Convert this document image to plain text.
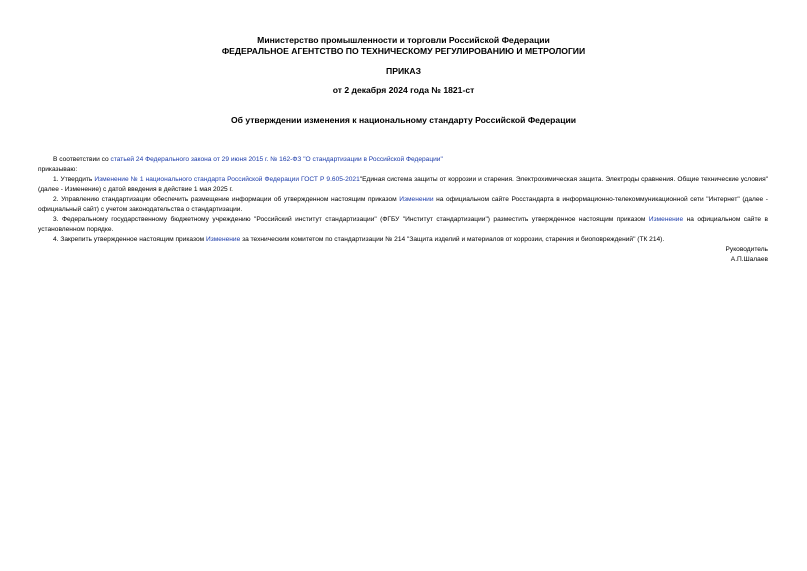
Министерство промышленности и торговли Российской Федерации
ФЕДЕРАЛЬНОЕ АГЕНТСТВО ПО ТЕХНИЧЕСКОМУ РЕГУЛИРОВАНИЮ И МЕТРОЛОГИИ
ПРИКАЗ
от 2 декабря 2024 года № 1821-ст
Об утверждении изменения к национальному стандарту Российской Федерации

В соответствии со статьей 24 Федерального закона от 29 июня 2015 г. № 162-ФЗ "О стандартизации в Российской Федерации"

приказываю:

1. Утвердить Изменение № 1 национального стандарта Российской Федерации ГОСТ Р 9.605-2021"Единая система защиты от коррозии и старения. Электрохимическая защита. Электроды сравнения. Общие технические условия" (далее - Изменение) с датой введения в действие 1 мая 2025 г.

2. Управлению стандартизации обеспечить размещение информации об утвержденном настоящим приказом Изменении на официальном сайте Росстандарта в информационно-телекоммуникационной сети "Интернет" (далее - официальный сайт) с учетом законодательства о стандартизации.

3. Федеральному государственному бюджетному учреждению "Российский институт стандартизации" (ФГБУ "Институт стандартизации") разместить утвержденное настоящим приказом Изменение на официальном сайте в установленном порядке.

4. Закрепить утвержденное настоящим приказом Изменение за техническим комитетом по стандартизации № 214 "Защита изделий и материалов от коррозии, старения и биоповреждений" (ТК 214).

Руководитель

А.П.Шалаев
